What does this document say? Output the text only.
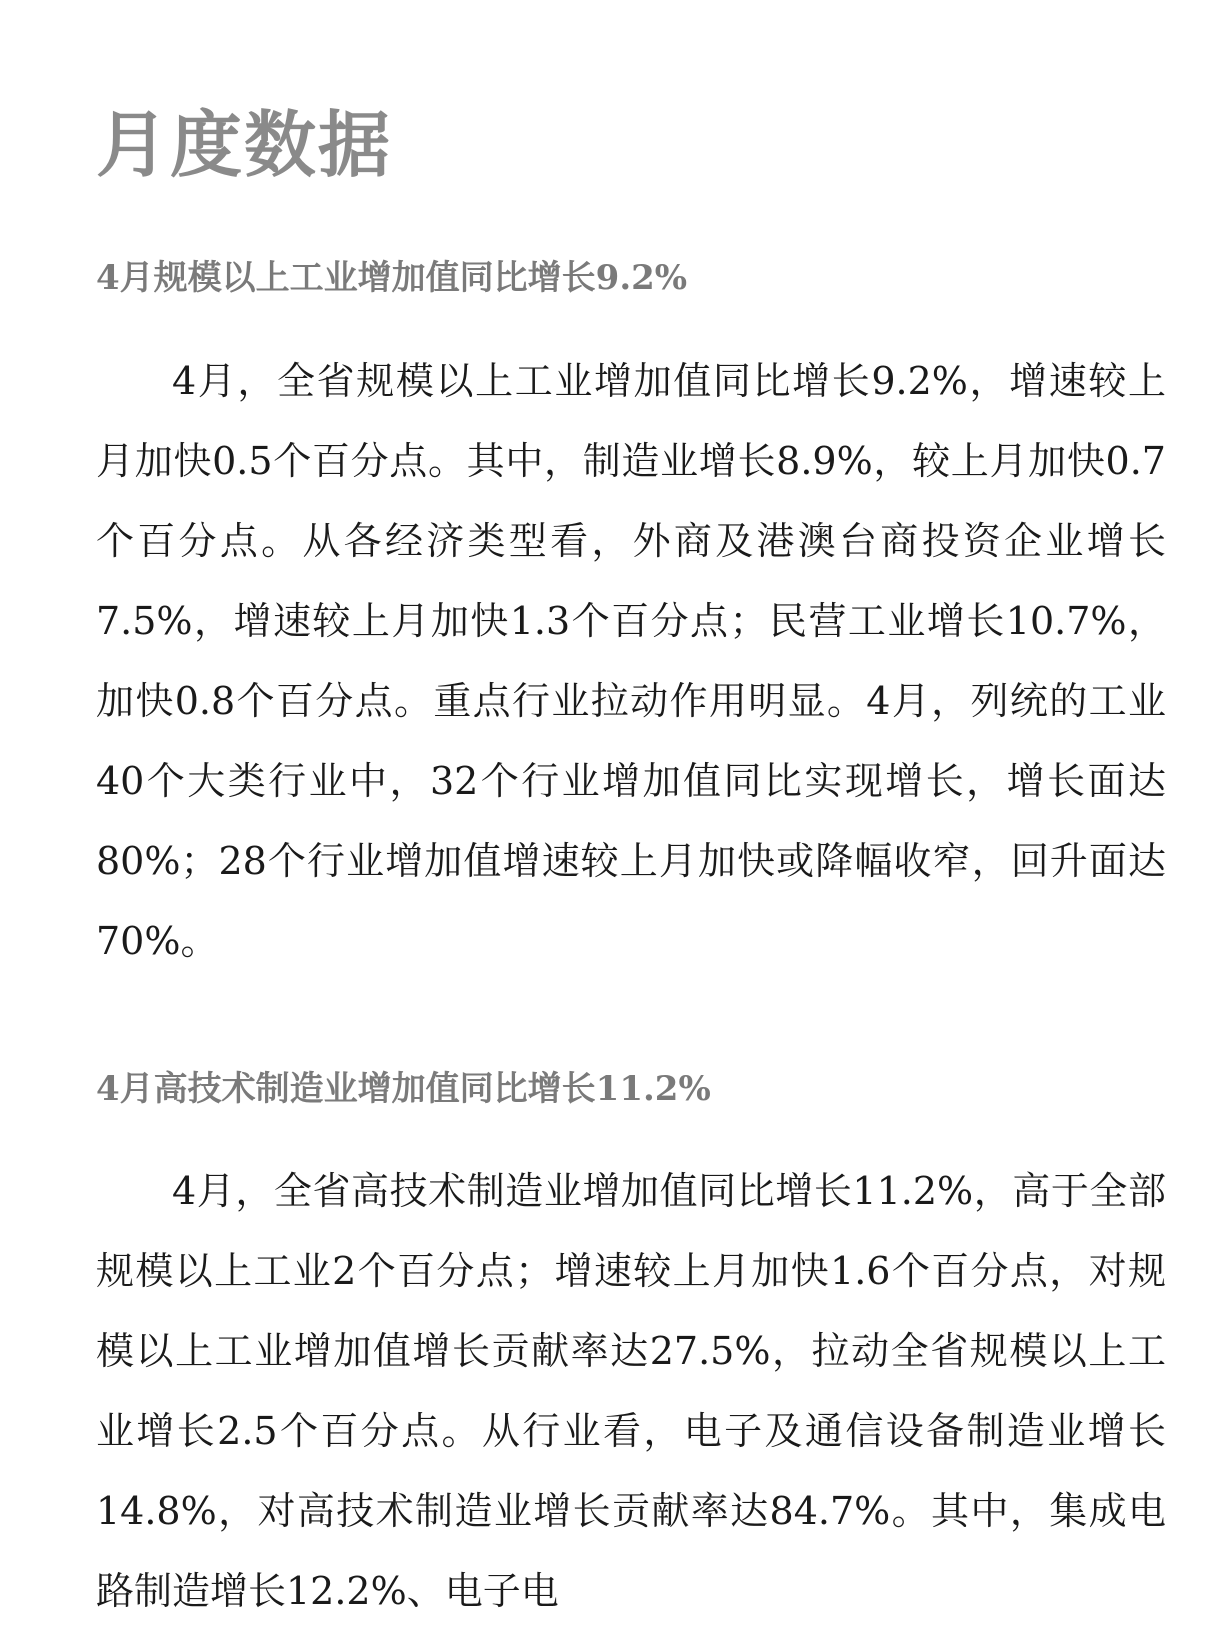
月度数据
4月规模以上工业增加值同比增长9.2%

4月，全省规模以上工业增加值同比增长9.2%，增速较上月加快0.5个百分点。其中，制造业增长8.9%，较上月加快0.7个百分点。从各经济类型看，外商及港澳台商投资企业增长7.5%，增速较上月加快1.3个百分点；民营工业增长10.7%，加快0.8个百分点。重点行业拉动作用明显。4月，列统的工业40个大类行业中，32个行业增加值同比实现增长，增长面达80%；28个行业增加值增速较上月加快或降幅收窄，回升面达70%。

4月高技术制造业增加值同比增长11.2%

4月，全省高技术制造业增加值同比增长11.2%，高于全部规模以上工业2个百分点；增速较上月加快1.6个百分点，对规模以上工业增加值增长贡献率达27.5%，拉动全省规模以上工业增长2.5个百分点。从行业看，电子及通信设备制造业增长14.8%，对高技术制造业增长贡献率达84.7%。其中，集成电路制造增长12.2%、电子电
